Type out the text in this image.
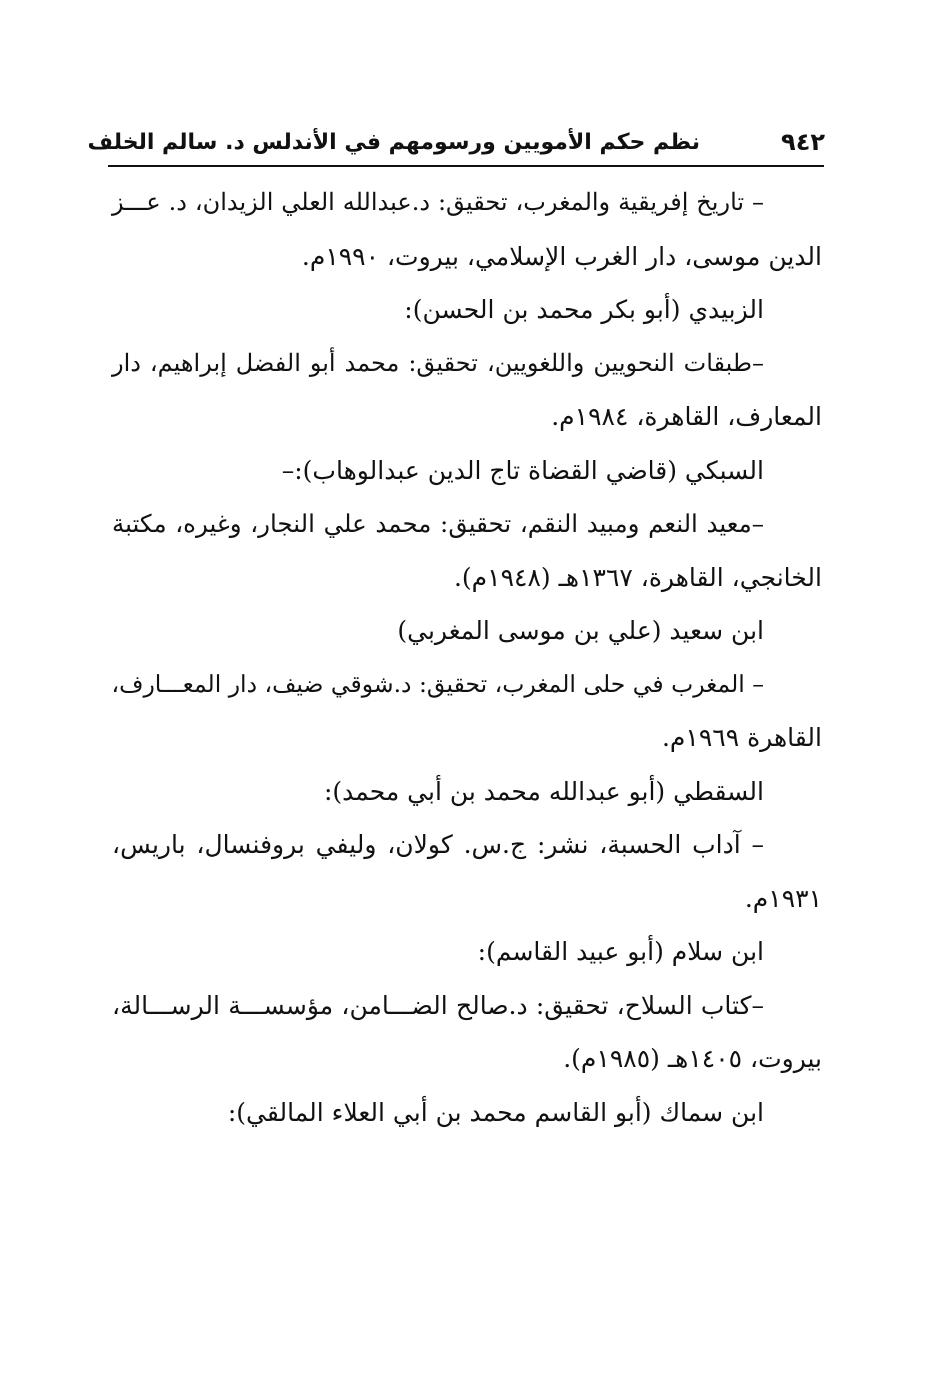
٩٤٢
نظم حكم الأمويين ورسومهم في الأندلس د. سالم الخلف
– تاريخ إفريقية والمغرب، تحقيق: د.عبدالله العلي الزيدان، د. عـــز
الدين موسى، دار الغرب الإسلامي، بيروت، ١٩٩٠م.
الزبيدي (أبو بكر محمد بن الحسن):
–طبقات النحويين واللغويين، تحقيق: محمد أبو الفضل إبراهيم، دار
المعارف، القاهرة، ١٩٨٤م.
السبكي (قاضي القضاة تاج الدين عبدالوهاب):–
–معيد النعم ومبيد النقم، تحقيق: محمد علي النجار، وغيره، مكتبة
الخانجي، القاهرة، ١٣٦٧هـ (١٩٤٨م).
ابن سعيد (علي بن موسى المغربي)
– المغرب في حلى المغرب، تحقيق: د.شوقي ضيف، دار المعـــارف،
القاهرة ١٩٦٩م.
السقطي (أبو عبدالله محمد بن أبي محمد):
– آداب الحسبة، نشر: ج.س. كولان، وليفي بروفنسال، باريس،
١٩٣١م.
ابن سلام (أبو عبيد القاسم):
–كتاب السلاح، تحقيق: د.صالح الضـــامن، مؤسســـة الرســـالة،
بيروت، ١٤٠٥هـ (١٩٨٥م).
ابن سماك (أبو القاسم محمد بن أبي العلاء المالقي):
